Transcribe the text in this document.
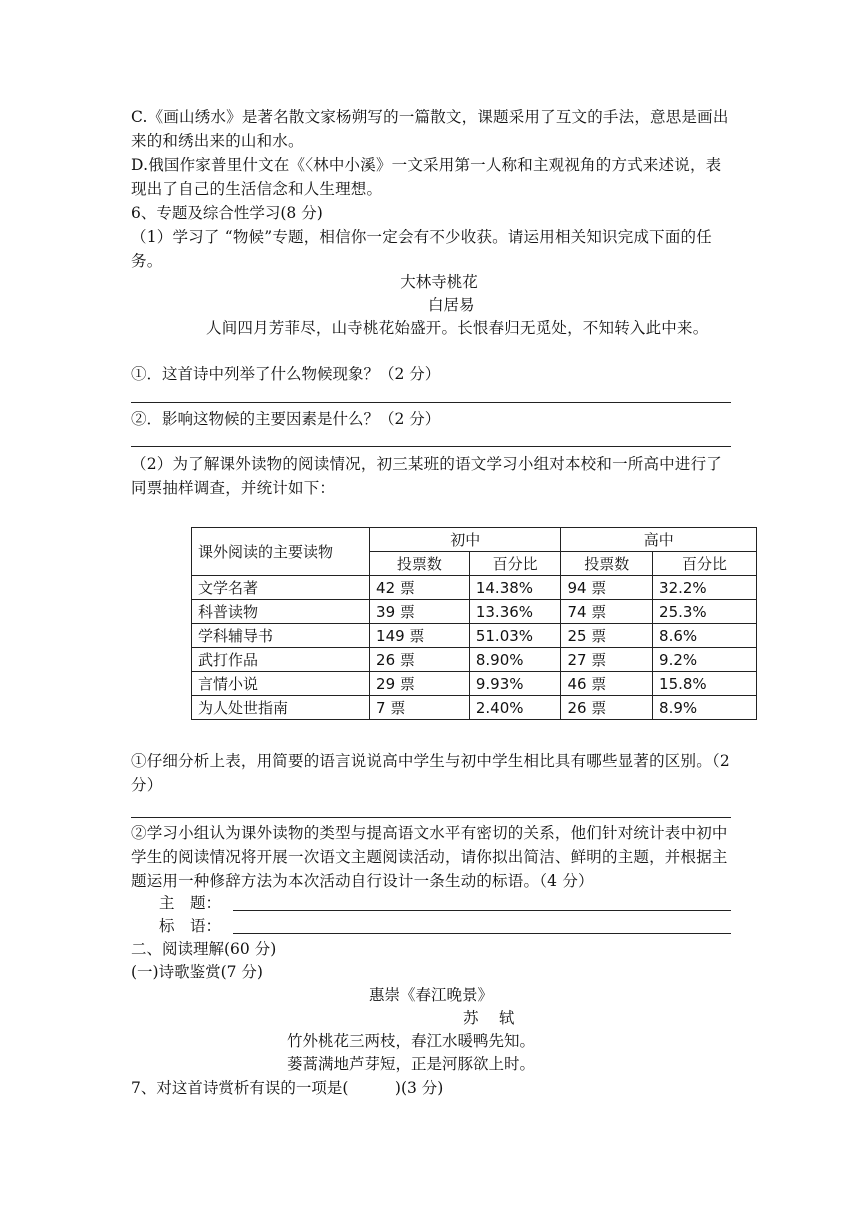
C.《画山绣水》是著名散文家杨朔写的一篇散文，课题采用了互文的手法，意思是画出来的和绣出来的山和水。
D.俄国作家普里什文在《〈林中小溪》一文采用第一人称和主观视角的方式来述说，表现出了自己的生活信念和人生理想。
6、专题及综合性学习(8 分)
（1）学习了 “物候”专题，相信你一定会有不少收获。请运用相关知识完成下面的任务。
大林寺桃花
白居易
人间四月芳菲尽，山寺桃花始盛开。长恨春归无觅处，不知转入此中来。
①．这首诗中列举了什么物候现象？（2 分）
②．影响这物候的主要因素是什么？（2 分）
（2）为了解课外读物的阅读情况，初三某班的语文学习小组对本校和一所高中进行了同票抽样调查，并统计如下：
课外阅读的主要读物	初中		高中	
	投票数	百分比	投票数	百分比
文学名著	42 票	14.38%	94 票	32.2%
科普读物	39 票	13.36%	74 票	25.3%
学科辅导书	149 票	51.03%	25 票	8.6%
武打作品	26 票	8.90%	27 票	9.2%
言情小说	29 票	9.93%	46 票	15.8%
为人处世指南	7 票	2.40%	26 票	8.9%
①仔细分析上表，用简要的语言说说高中学生与初中学生相比具有哪些显著的区别。（2 分）
②学习小组认为课外读物的类型与提高语文水平有密切的关系，他们针对统计表中初中学生的阅读情况将开展一次语文主题阅读活动，请你拟出简洁、鲜明的主题，并根据主题运用一种修辞方法为本次活动自行设计一条生动的标语。（4 分）
主　题：
标　语：
二、阅读理解(60 分)
(一)诗歌鉴赏(7 分)
惠崇《春江晚景》
苏　 轼
竹外桃花三两枝，春江水暖鸭先知。
蒌蒿满地芦芽短，正是河豚欲上时。
7、对这首诗赏析有误的一项是(　　　)(3 分)
